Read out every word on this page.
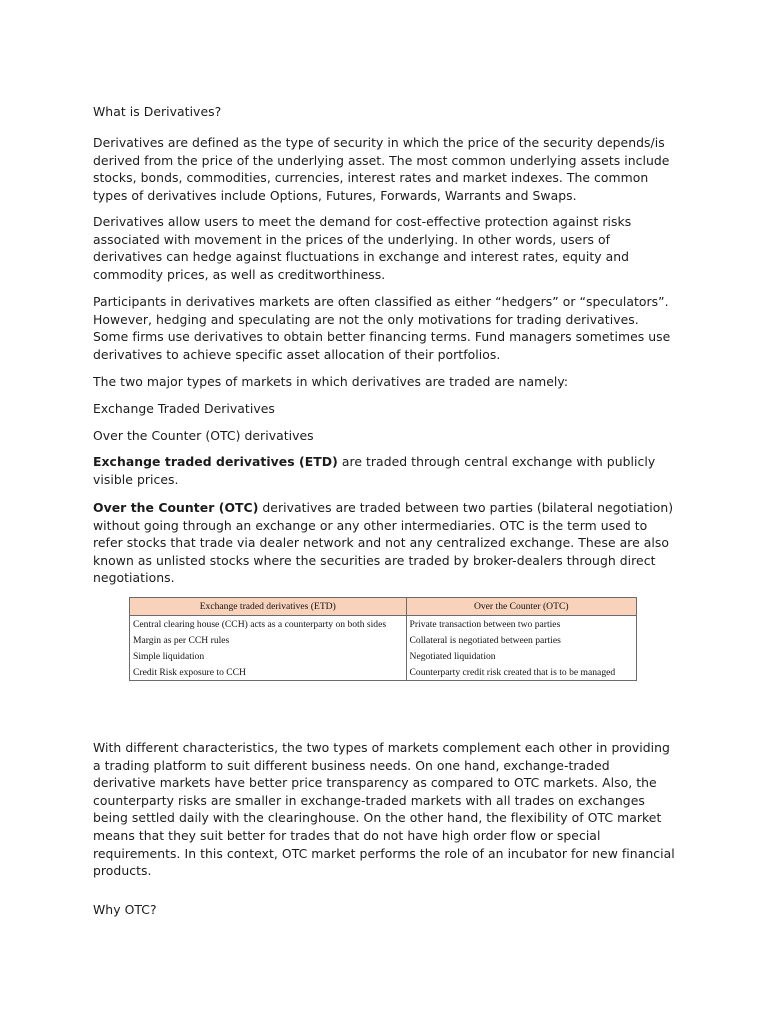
What is Derivatives?

Derivatives are defined as the type of security in which the price of the security depends/is derived from the price of the underlying asset. The most common underlying assets include stocks, bonds, commodities, currencies, interest rates and market indexes. The common types of derivatives include Options, Futures, Forwards, Warrants and Swaps.

Derivatives allow users to meet the demand for cost-effective protection against risks associated with movement in the prices of the underlying. In other words, users of derivatives can hedge against fluctuations in exchange and interest rates, equity and commodity prices, as well as creditworthiness.

Participants in derivatives markets are often classified as either “hedgers” or “speculators”. However, hedging and speculating are not the only motivations for trading derivatives. Some firms use derivatives to obtain better financing terms. Fund managers sometimes use derivatives to achieve specific asset allocation of their portfolios.

The two major types of markets in which derivatives are traded are namely:

Exchange Traded Derivatives

Over the Counter (OTC) derivatives

Exchange traded derivatives (ETD) are traded through central exchange with publicly visible prices.

Over the Counter (OTC) derivatives are traded between two parties (bilateral negotiation) without going through an exchange or any other intermediaries. OTC is the term used to refer stocks that trade via dealer network and not any centralized exchange. These are also known as unlisted stocks where the securities are traded by broker-dealers through direct negotiations.

With different characteristics, the two types of markets complement each other in providing a trading platform to suit different business needs. On one hand, exchange-traded derivative markets have better price transparency as compared to OTC markets. Also, the counterparty risks are smaller in exchange-traded markets with all trades on exchanges being settled daily with the clearinghouse. On the other hand, the flexibility of OTC market means that they suit better for trades that do not have high order flow or special requirements. In this context, OTC market performs the role of an incubator for new financial products.

Why OTC?

Exchange traded derivatives (ETD)	Over the Counter (OTC)
Central clearing house (CCH) acts as a counterparty on both sides	Private transaction between two parties
Margin as per CCH rules	Collateral is negotiated between parties
Simple liquidation	Negotiated liquidation
Credit Risk exposure to CCH	Counterparty credit risk created that is to be managed
